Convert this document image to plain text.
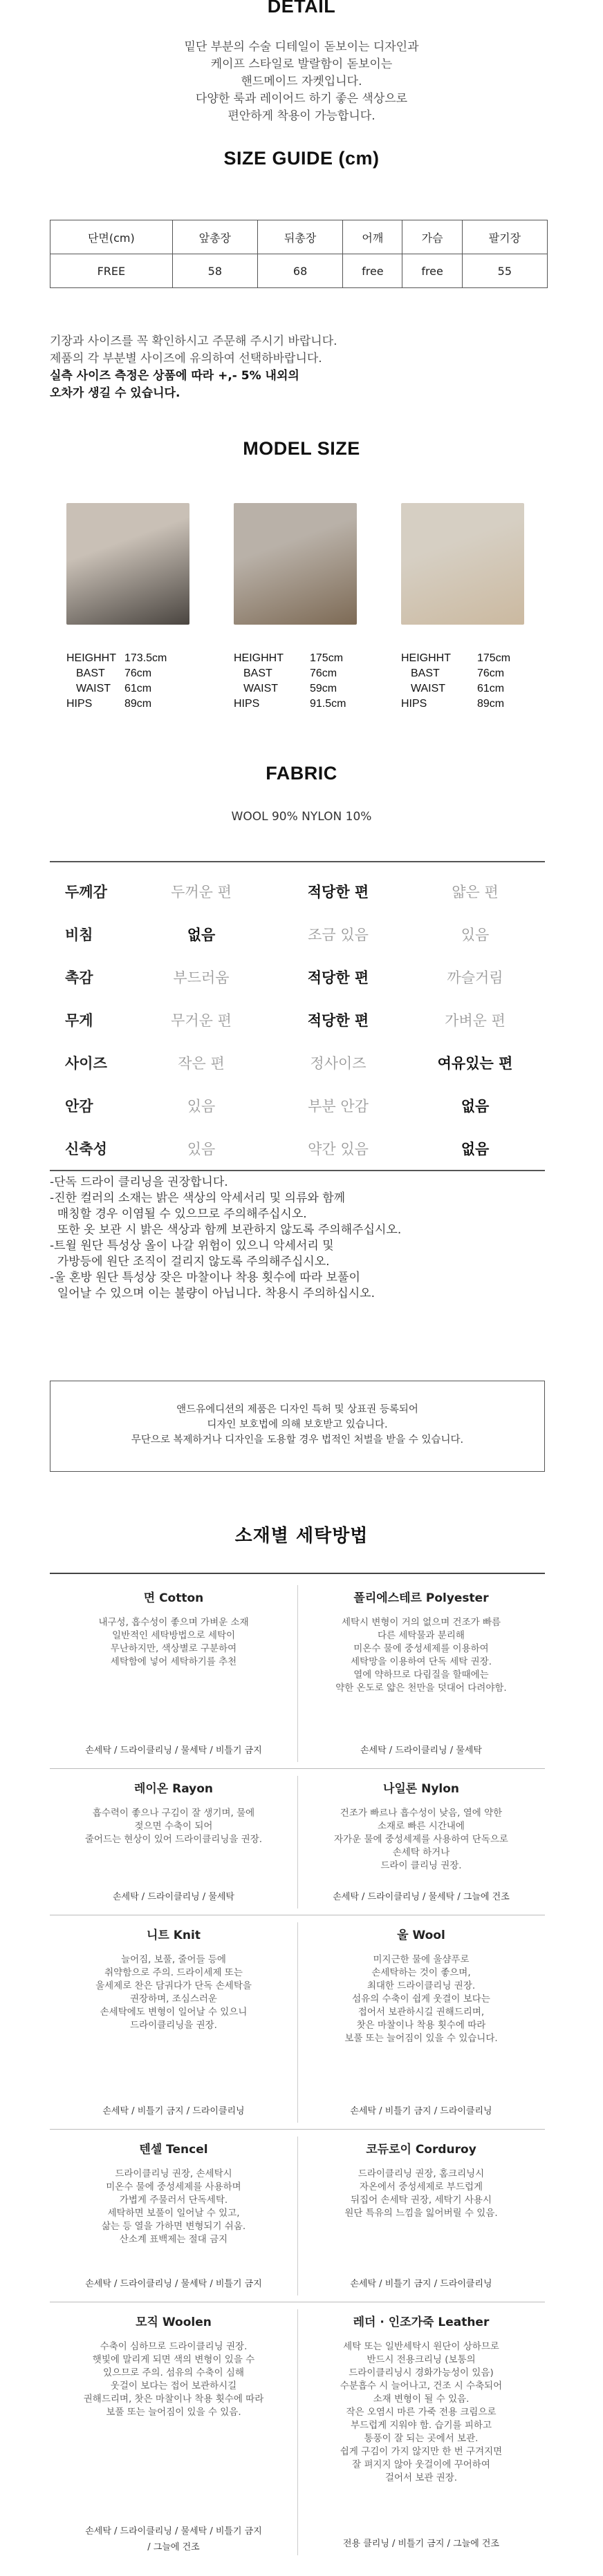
DETAIL
밑단 부분의 수술 디테일이 돋보이는 디자인과
케이프 스타일로 발랄함이 돋보이는
핸드메이드 자켓입니다.
다양한 룩과 레이어드 하기 좋은 색상으로
편안하게 착용이 가능합니다.
SIZE GUIDE (cm)
단면(cm)	앞총장	뒤총장	어깨	가슴	팔기장
FREE	58	68	free	free	55
기장과 사이즈를 꼭 확인하시고 주문해 주시기 바랍니다.
제품의 각 부분별 사이즈에 유의하여 선택하바랍니다.
실측 사이즈 측정은 상품에 따라 +,- 5% 내외의
오차가 생길 수 있습니다.
MODEL SIZE
HEIGHHT 173.5cm
BAST	76cm
WAIST	61cm
HIPS	89cm
HEIGHHT	175cm
BAST	76cm
WAIST	59cm
HIPS	91.5cm
HEIGHHT	175cm
BAST	76cm
WAIST	61cm
HIPS	89cm
FABRIC
WOOL 90% NYLON 10%
두께감	두꺼운 편	적당한 편	얇은 편
비침	없음	조금 있음	있음
촉감	부드러움	적당한 편	까슬거림
무게	무거운 편	적당한 편	가벼운 편
사이즈	작은 편	정사이즈	여유있는 편
안감	있음	부분 안감	없음
신축성	있음	약간 있음	없음
-단독 드라이 클리닝을 권장합니다.
-진한 컬러의 소재는 밝은 색상의 악세서리 및 의류와 함께
매칭할 경우 이염될 수 있으므로 주의해주십시오.
또한 옷 보관 시 밝은 색상과 함께 보관하지 않도록 주의해주십시오.
-트윌 원단 특성상 올이 나갈 위험이 있으니 악세서리 및
가방등에 원단 조직이 걸리지 않도록 주의해주십시오.
-울 혼방 원단 특성상 잦은 마찰이나 착용 횟수에 따라 보풀이
일어날 수 있으며 이는 불량이 아닙니다. 착용시 주의하십시오.
앤드유에디션의 제품은 디자인 특허 및 상표권 등록되어
디자인 보호법에 의해 보호받고 있습니다.
무단으로 복제하거나 디자인을 도용할 경우 법적인 처벌을 받을 수 있습니다.
소재별 세탁방법
면 Cotton
내구성, 흡수성이 좋으며 가벼운 소재
일반적인 세탁방법으로 세탁이
무난하지만, 색상별로 구분하여
세탁함에 넣어 세탁하기를 추천
손세탁 / 드라이클리닝 / 물세탁 / 비틀기 금지
폴리에스테르 Polyester
세탁시 변형이 거의 없으며 건조가 빠름
다른 세탁물과 분리해
미온수 물에 중성세제를 이용하여
세탁망을 이용하여 단독 세탁 권장.
열에 약하므로 다림질을 할때에는
약한 온도로 얇은 천만을 덧대어 다려야함.
손세탁 / 드라이클리닝 / 물세탁
레이온 Rayon
흡수력이 좋으나 구김이 잘 생기며, 물에
젖으면 수축이 되어
줄어드는 현상이 있어 드라이클리닝을 권장.
손세탁 / 드라이클리닝 / 물세탁
나일론 Nylon
건조가 빠르나 흡수성이 낮음, 열에 약한
소재로 빠른 시간내에
자가운 물에 중성세제를 사용하여 단독으로
손세탁 하거나
드라이 클리닝 권장.
손세탁 / 드라이클리닝 / 물세탁 / 그늘에 건조
니트 Knit
늘어짐, 보풀, 줄어들 등에
취약함으로 주의. 드라이세제 또는
울세제로 찬은 담궈다가 단독 손세탁을
권장하며, 조심스러운
손세탁에도 변형이 일어날 수 있으니
드라이클리닝을 권장.
손세탁 / 비틀기 금지 / 드라이클리닝
울 Wool
미지근한 물에 울샴푸로
손세탁하는 것이 좋으며,
최대한 드라이클리닝 권장.
섬유의 수축이 쉽게 웃결이 보다는
접어서 보관하시길 권해드리며,
찻은 마찰이나 착용 횟수에 따라
보풀 또는 늘어짐이 있을 수 있습니다.
손세탁 / 비틀기 금지 / 드라이클리닝
텐셀 Tencel
드라이클리닝 권장, 손세탁시
미온수 물에 중성세제를 사용하며
가볍게 주물러서 단독세탁.
세탁하면 보풀이 일어날 수 있고,
삶는 등 열을 가하면 변형되기 쉬움.
산소계 표백제는 절대 금지
손세탁 / 드라이클리닝 / 물세탁 / 비틀기 금지
코듀로이 Corduroy
드라이클리닝 권장, 홈크리닝시
자온에서 중성세제로 부드럽게
뒤집어 손세탁 권장, 세탁기 사용시
원단 특유의 느낌을 잃어버릴 수 있음.
손세탁 / 비틀기 금지 / 드라이클리닝
모직 Woolen
수축이 심하므로 드라이클리닝 권장.
햇빛에 말리게 되면 색의 변형이 있을 수
있으므로 주의. 섬유의 수축이 심해
웃걸이 보다는 접어 보관하시길
권해드리며, 찻은 마찰이나 착용 횟수에 따라
보풀 또는 늘어짐이 있을 수 있음.
손세탁 / 드라이클리닝 / 물세탁 / 비틀기 금지
/ 그늘에 건조
레더 · 인조가죽 Leather
세탁 또는 일반세탁시 원단이 상하므로
반드시 전용크리닝 (보통의
드라이클리닝시 경화가능성이 있음)
수분흡수 시 늘어나고, 건조 시 수축되어
소재 변형이 될 수 있음.
작은 오염시 마른 가죽 전용 크림으로
부드럽게 지워야 함. 습기를 피하고
통풍이 잘 되는 곳에서 보관.
쉽게 구김이 가지 않지만 한 번 구겨지면
잘 펴지지 않아 웃걸이에 꾸어하여
걸어서 보관 권장.
전용 클리닝 / 비틀기 금지 / 그늘에 건조
